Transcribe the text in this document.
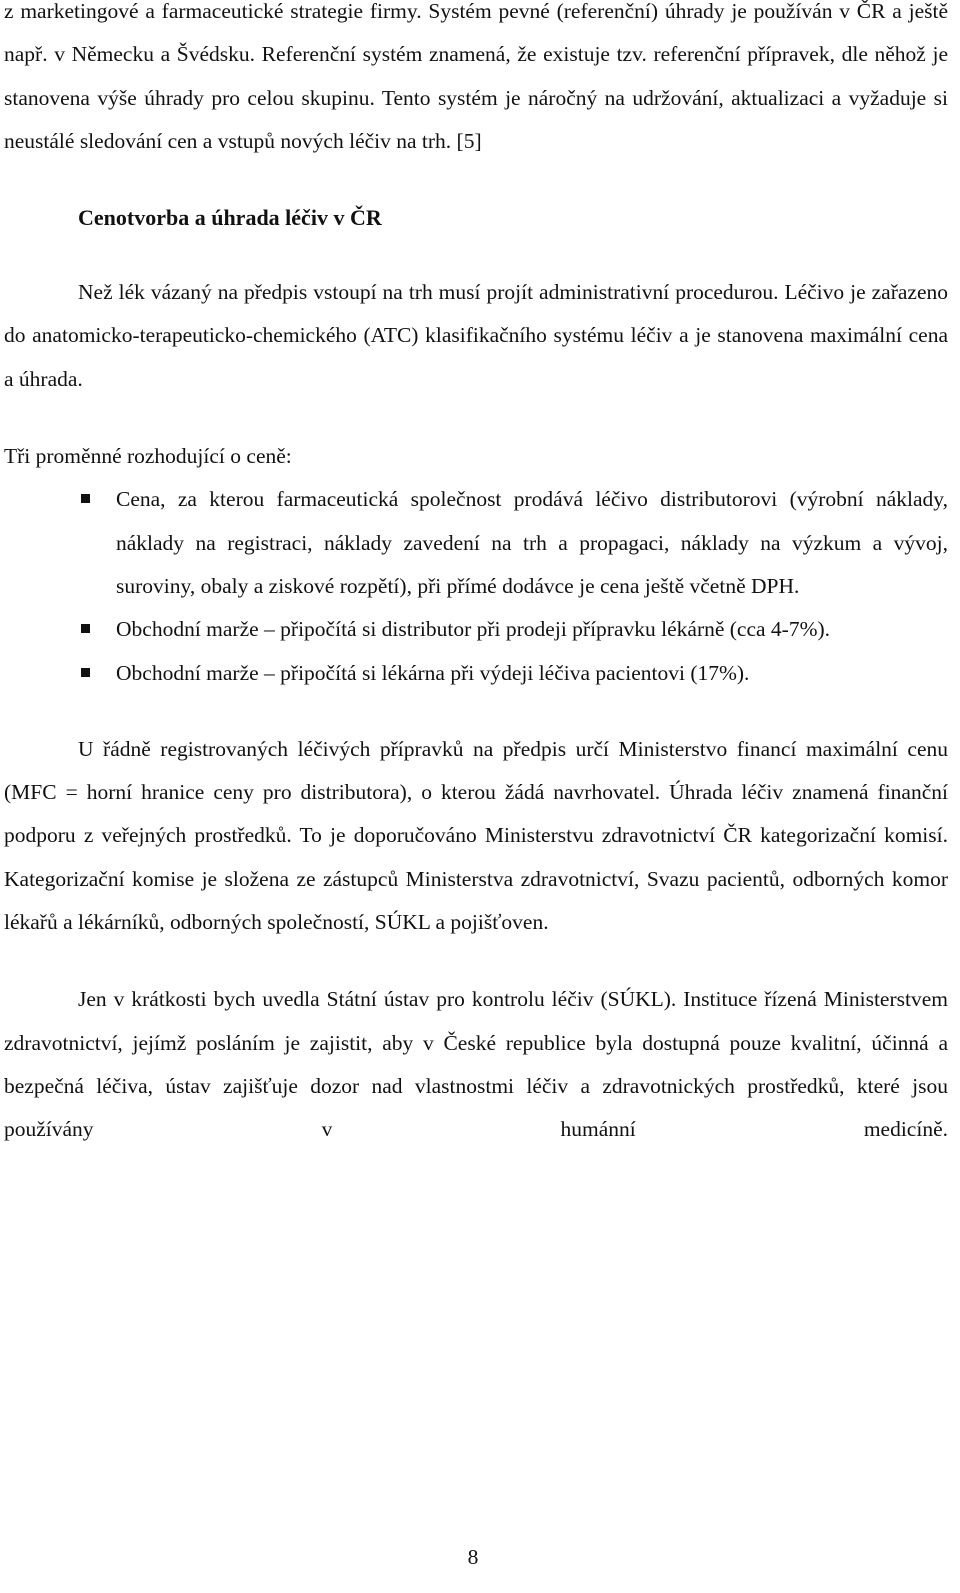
z marketingové a farmaceutické strategie firmy. Systém pevné (referenční) úhrady je používán v ČR a ještě např. v Německu a Švédsku. Referenční systém znamená, že existuje tzv. referenční přípravek, dle něhož je stanovena výše úhrady pro celou skupinu. Tento systém je náročný na udržování, aktualizaci a vyžaduje si neustálé sledování cen a vstupů nových léčiv na trh. [5]

Cenotvorba a úhrada léčiv v ČR

Než lék vázaný na předpis vstoupí na trh musí projít administrativní procedurou. Léčivo je zařazeno do anatomicko-terapeuticko-chemického (ATC) klasifikačního systému léčiv a je stanovena maximální cena a úhrada.

Tři proměnné rozhodující o ceně:

Cena, za kterou farmaceutická společnost prodává léčivo distributorovi (výrobní náklady, náklady na registraci, náklady zavedení na trh a propagaci, náklady na výzkum a vývoj, suroviny, obaly a ziskové rozpětí), při přímé dodávce je cena ještě včetně DPH.
Obchodní marže – připočítá si distributor při prodeji přípravku lékárně (cca 4-7%).
Obchodní marže – připočítá si lékárna při výdeji léčiva pacientovi (17%).

U řádně registrovaných léčivých přípravků na předpis určí Ministerstvo financí maximální cenu (MFC = horní hranice ceny pro distributora), o kterou žádá navrhovatel. Úhrada léčiv znamená finanční podporu z veřejných prostředků. To je doporučováno Ministerstvu zdravotnictví ČR kategorizační komisí. Kategorizační komise je složena ze zástupců Ministerstva zdravotnictví, Svazu pacientů, odborných komor lékařů a lékárníků, odborných společností, SÚKL a pojišťoven.

Jen v krátkosti bych uvedla Státní ústav pro kontrolu léčiv (SÚKL). Instituce řízená Ministerstvem zdravotnictví, jejímž posláním je zajistit, aby v České republice byla dostupná pouze kvalitní, účinná a bezpečná léčiva, ústav zajišťuje dozor nad vlastnostmi léčiv a zdravotnických prostředků, které jsou používány v humánní medicíně.

8
